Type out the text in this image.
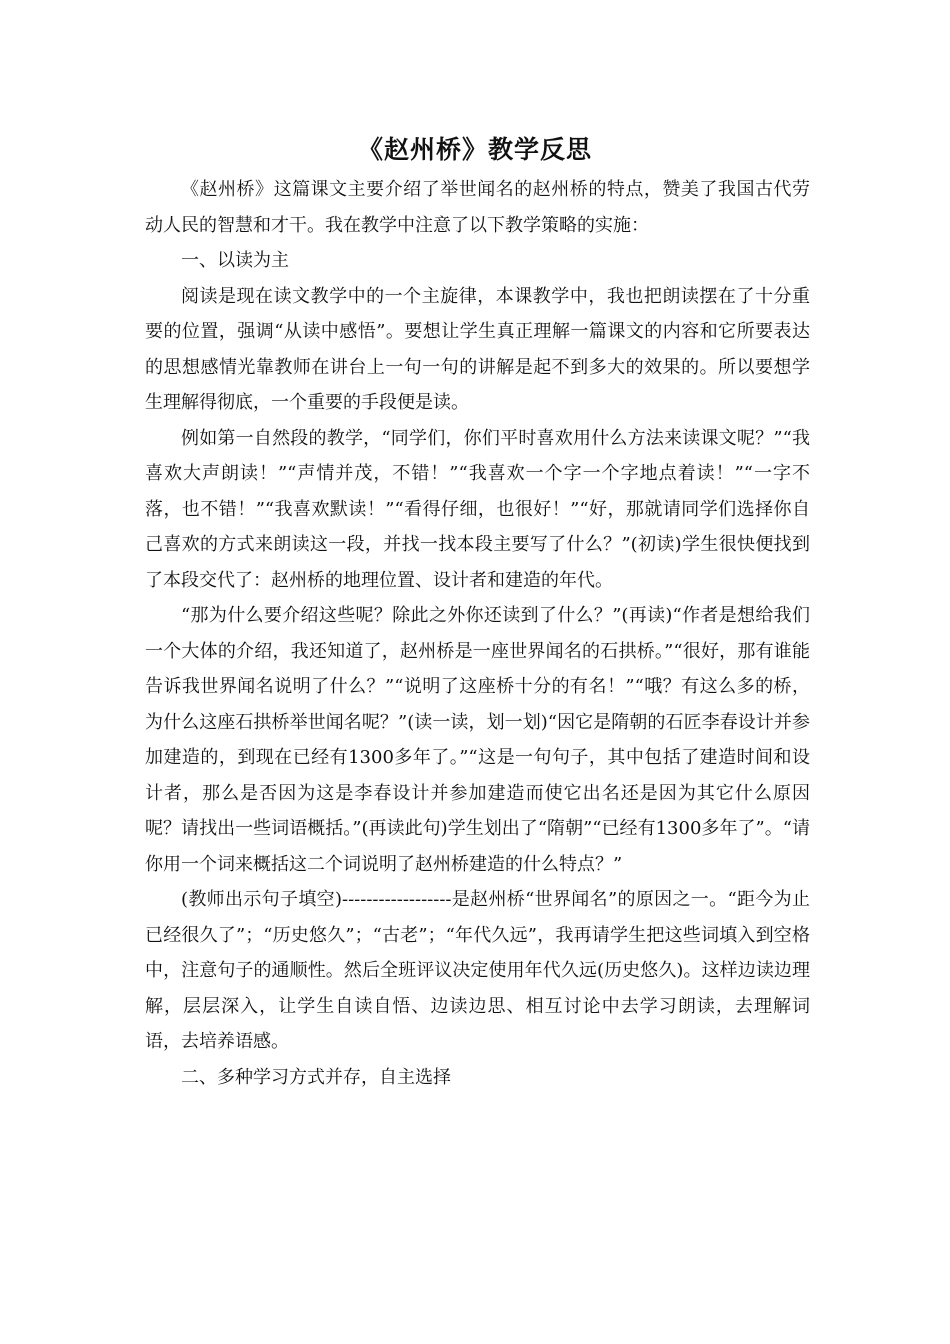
《赵州桥》教学反思

《赵州桥》这篇课文主要介绍了举世闻名的赵州桥的特点，赞美了我国古代劳动人民的智慧和才干。我在教学中注意了以下教学策略的实施：

一、以读为主

阅读是现在读文教学中的一个主旋律，本课教学中，我也把朗读摆在了十分重要的位置，强调“从读中感悟”。要想让学生真正理解一篇课文的内容和它所要表达的思想感情光靠教师在讲台上一句一句的讲解是起不到多大的效果的。所以要想学生理解得彻底，一个重要的手段便是读。

例如第一自然段的教学，“同学们，你们平时喜欢用什么方法来读课文呢？”“我喜欢大声朗读！”“声情并茂，不错！”“我喜欢一个字一个字地点着读！”“一字不落，也不错！”“我喜欢默读！”“看得仔细，也很好！”“好，那就请同学们选择你自己喜欢的方式来朗读这一段，并找一找本段主要写了什么？”(初读)学生很快便找到了本段交代了：赵州桥的地理位置、设计者和建造的年代。

“那为什么要介绍这些呢？除此之外你还读到了什么？”(再读)“作者是想给我们一个大体的介绍，我还知道了，赵州桥是一座世界闻名的石拱桥。”“很好，那有谁能告诉我世界闻名说明了什么？”“说明了这座桥十分的有名！”“哦？有这么多的桥，为什么这座石拱桥举世闻名呢？”(读一读，划一划)“因它是隋朝的石匠李春设计并参加建造的，到现在已经有1300多年了。”“这是一句句子，其中包括了建造时间和设计者，那么是否因为这是李春设计并参加建造而使它出名还是因为其它什么原因呢？请找出一些词语概括。”(再读此句)学生划出了“隋朝”“已经有1300多年了”。“请你用一个词来概括这二个词说明了赵州桥建造的什么特点？”

(教师出示句子填空)------------------是赵州桥“世界闻名”的原因之一。“距今为止已经很久了”；“历史悠久”；“古老”；“年代久远”，我再请学生把这些词填入到空格中，注意句子的通顺性。然后全班评议决定使用年代久远(历史悠久)。这样边读边理解，层层深入，让学生自读自悟、边读边思、相互讨论中去学习朗读，去理解词语，去培养语感。

二、多种学习方式并存，自主选择
